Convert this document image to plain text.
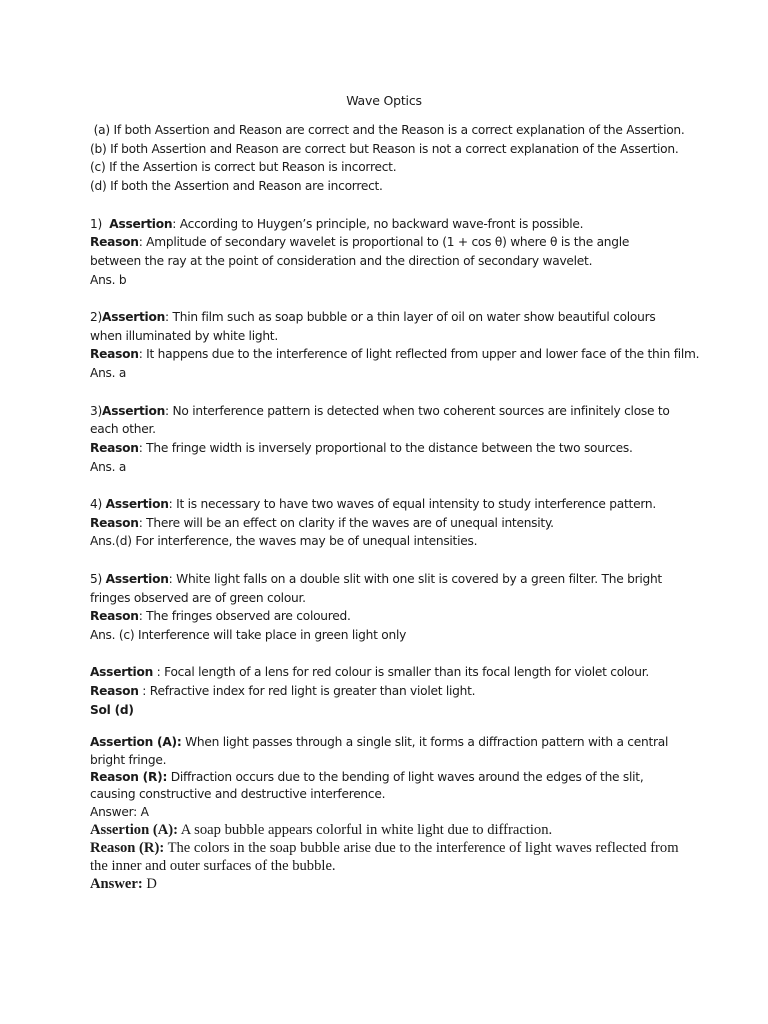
Wave Optics
(a) If both Assertion and Reason are correct and the Reason is a correct explanation of the Assertion.
(b) If both Assertion and Reason are correct but Reason is not a correct explanation of the Assertion.
(c) If the Assertion is correct but Reason is incorrect.
(d) If both the Assertion and Reason are incorrect.
1)  Assertion: According to Huygen’s principle, no backward wave-front is possible.
Reason: Amplitude of secondary wavelet is proportional to (1 + cos θ) where θ is the angle between the ray at the point of consideration and the direction of secondary wavelet.
Ans. b
2)Assertion: Thin film such as soap bubble or a thin layer of oil on water show beautiful colours when illuminated by white light.
Reason: It happens due to the interference of light reflected from upper and lower face of the thin film.
Ans. a
3)Assertion: No interference pattern is detected when two coherent sources are infinitely close to each other.
Reason: The fringe width is inversely proportional to the distance between the two sources.
Ans. a
4) Assertion: It is necessary to have two waves of equal intensity to study interference pattern.
Reason: There will be an effect on clarity if the waves are of unequal intensity.
Ans.(d) For interference, the waves may be of unequal intensities.
5) Assertion: White light falls on a double slit with one slit is covered by a green filter. The bright fringes observed are of green colour.
Reason: The fringes observed are coloured.
Ans. (c) Interference will take place in green light only
Assertion : Focal length of a lens for red colour is smaller than its focal length for violet colour.
Reason : Refractive index for red light is greater than violet light.
Sol (d)
Assertion (A): When light passes through a single slit, it forms a diffraction pattern with a central bright fringe.
Reason (R): Diffraction occurs due to the bending of light waves around the edges of the slit, causing constructive and destructive interference.
Answer: A
Assertion (A): A soap bubble appears colorful in white light due to diffraction.
Reason (R): The colors in the soap bubble arise due to the interference of light waves reflected from the inner and outer surfaces of the bubble.
Answer: D
